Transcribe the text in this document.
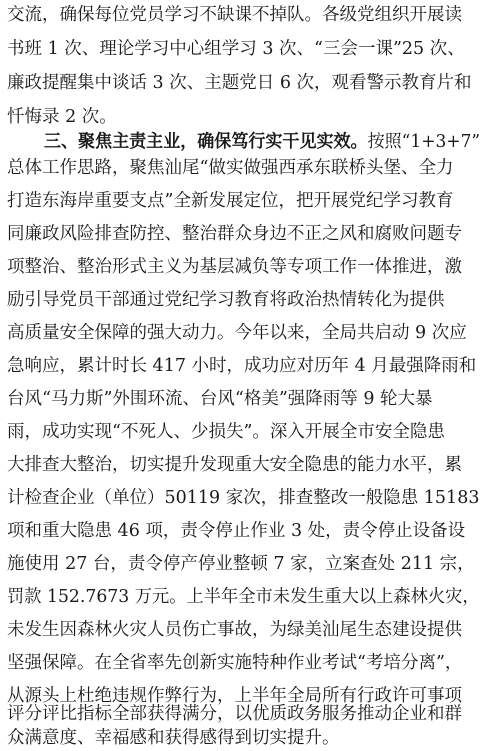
交流，确保每位党员学习不缺课不掉队。各级党组织开展读
书班 1 次、理论学习中心组学习 3 次、“三会一课”25 次、
廉政提醒集中谈话 3 次、主题党日 6 次，观看警示教育片和
忏悔录 2 次。
三、聚焦主责主业，确保笃行实干见实效。按照“1+3+7”
总体工作思路，聚焦汕尾“做实做强西承东联桥头堡、全力
打造东海岸重要支点”全新发展定位，把开展党纪学习教育
同廉政风险排查防控、整治群众身边不正之风和腐败问题专
项整治、整治形式主义为基层减负等专项工作一体推进，激
励引导党员干部通过党纪学习教育将政治热情转化为提供
高质量安全保障的强大动力。今年以来，全局共启动 9 次应
急响应，累计时长 417 小时，成功应对历年 4 月最强降雨和
台风“马力斯”外围环流、台风“格美”强降雨等 9 轮大暴
雨，成功实现“不死人、少损失”。深入开展全市安全隐患
大排查大整治，切实提升发现重大安全隐患的能力水平，累
计检查企业（单位）50119 家次，排查整改一般隐患 15183
项和重大隐患 46 项，责令停止作业 3 处，责令停止设备设
施使用 27 台，责令停产停业整顿 7 家，立案查处 211 宗，
罚款 152.7673 万元。上半年全市未发生重大以上森林火灾，
未发生因森林火灾人员伤亡事故，为绿美汕尾生态建设提供
坚强保障。在全省率先创新实施特种作业考试“考培分离”，
从源头上杜绝违规作弊行为，上半年全局所有行政许可事项
评分评比指标全部获得满分，以优质政务服务推动企业和群
众满意度、幸福感和获得感得到切实提升。
